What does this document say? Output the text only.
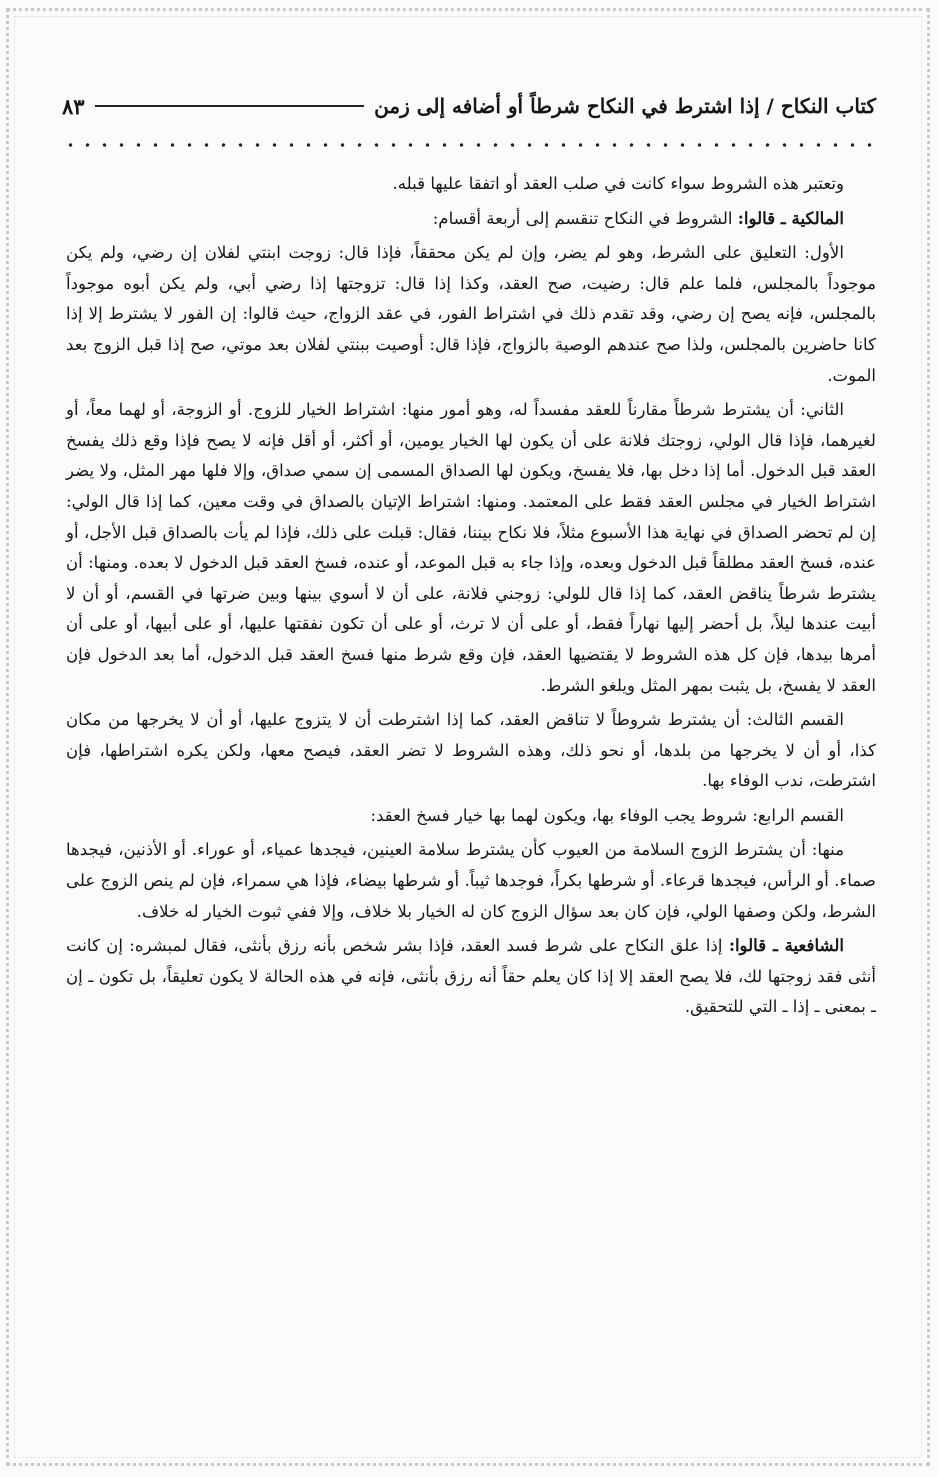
كتاب النكاح / إذا اشترط في النكاح شرطاً أو أضافه إلى زمن
٨٣

وتعتبر هذه الشروط سواء كانت في صلب العقد أو اتفقا عليها قبله.

المالكية ـ قالوا: الشروط في النكاح تنقسم إلى أربعة أقسام:

الأول: التعليق على الشرط، وهو لم يضر، وإن لم يكن محققاً، فإذا قال: زوجت ابنتي لفلان إن رضي، ولم يكن موجوداً بالمجلس، فلما علم قال: رضيت، صح العقد، وكذا إذا قال: تزوجتها إذا رضي أبي، ولم يكن أبوه موجوداً بالمجلس، فإنه يصح إن رضي، وقد تقدم ذلك في اشتراط الفور، في عقد الزواج، حيث قالوا: إن الفور لا يشترط إلا إذا كانا حاضرين بالمجلس، ولذا صح عندهم الوصية بالزواج، فإذا قال: أوصيت ببنتي لفلان بعد موتي، صح إذا قبل الزوج بعد الموت.

الثاني: أن يشترط شرطاً مقارناً للعقد مفسداً له، وهو أمور منها: اشتراط الخيار للزوج. أو الزوجة، أو لهما معاً، أو لغيرهما، فإذا قال الولي، زوجتك فلانة على أن يكون لها الخيار يومين، أو أكثر، أو أقل فإنه لا يصح فإذا وقع ذلك يفسخ العقد قبل الدخول. أما إذا دخل بها، فلا يفسخ، ويكون لها الصداق المسمى إن سمي صداق، وإلا فلها مهر المثل، ولا يضر اشتراط الخيار في مجلس العقد فقط على المعتمد. ومنها: اشتراط الإتيان بالصداق في وقت معين، كما إذا قال الولي: إن لم تحضر الصداق في نهاية هذا الأسبوع مثلاً، فلا نكاح بيننا، فقال: قبلت على ذلك، فإذا لم يأت بالصداق قبل الأجل، أو عنده، فسخ العقد مطلقاً قبل الدخول وبعده، وإذا جاء به قبل الموعد، أو عنده، فسخ العقد قبل الدخول لا بعده. ومنها: أن يشترط شرطاً يناقض العقد، كما إذا قال للولي: زوجني فلانة، على أن لا أسوي بينها وبين ضرتها في القسم، أو أن لا أبيت عندها ليلاً، بل أحضر إليها نهاراً فقط، أو على أن لا ترث، أو على أن تكون نفقتها عليها، أو على أبيها، أو على أن أمرها بيدها، فإن كل هذه الشروط لا يقتضيها العقد، فإن وقع شرط منها فسخ العقد قبل الدخول، أما بعد الدخول فإن العقد لا يفسخ، بل يثبت بمهر المثل ويلغو الشرط.

القسم الثالث: أن يشترط شروطاً لا تناقض العقد، كما إذا اشترطت أن لا يتزوج عليها، أو أن لا يخرجها من مكان كذا، أو أن لا يخرجها من بلدها، أو نحو ذلك، وهذه الشروط لا تضر العقد، فيصح معها، ولكن يكره اشتراطها، فإن اشترطت، ندب الوفاء بها.

القسم الرابع: شروط يجب الوفاء بها، ويكون لهما بها خيار فسخ العقد:

منها: أن يشترط الزوج السلامة من العيوب كأن يشترط سلامة العينين، فيجدها عمياء، أو عوراء. أو الأذنين، فيجدها صماء. أو الرأس، فيجدها قرعاء. أو شرطها بكراً، فوجدها ثيباً. أو شرطها بيضاء، فإذا هي سمراء، فإن لم ينص الزوج على الشرط، ولكن وصفها الولي، فإن كان بعد سؤال الزوج كان له الخيار بلا خلاف، وإلا ففي ثبوت الخيار له خلاف.

الشافعية ـ قالوا: إذا علق النكاح على شرط فسد العقد، فإذا بشر شخص بأنه رزق بأنثى، فقال لمبشره: إن كانت أنثى فقد زوجتها لك، فلا يصح العقد إلا إذا كان يعلم حقاً أنه رزق بأنثى، فإنه في هذه الحالة لا يكون تعليقاً، بل تكون ـ إن ـ بمعنى ـ إذا ـ التي للتحقيق.
